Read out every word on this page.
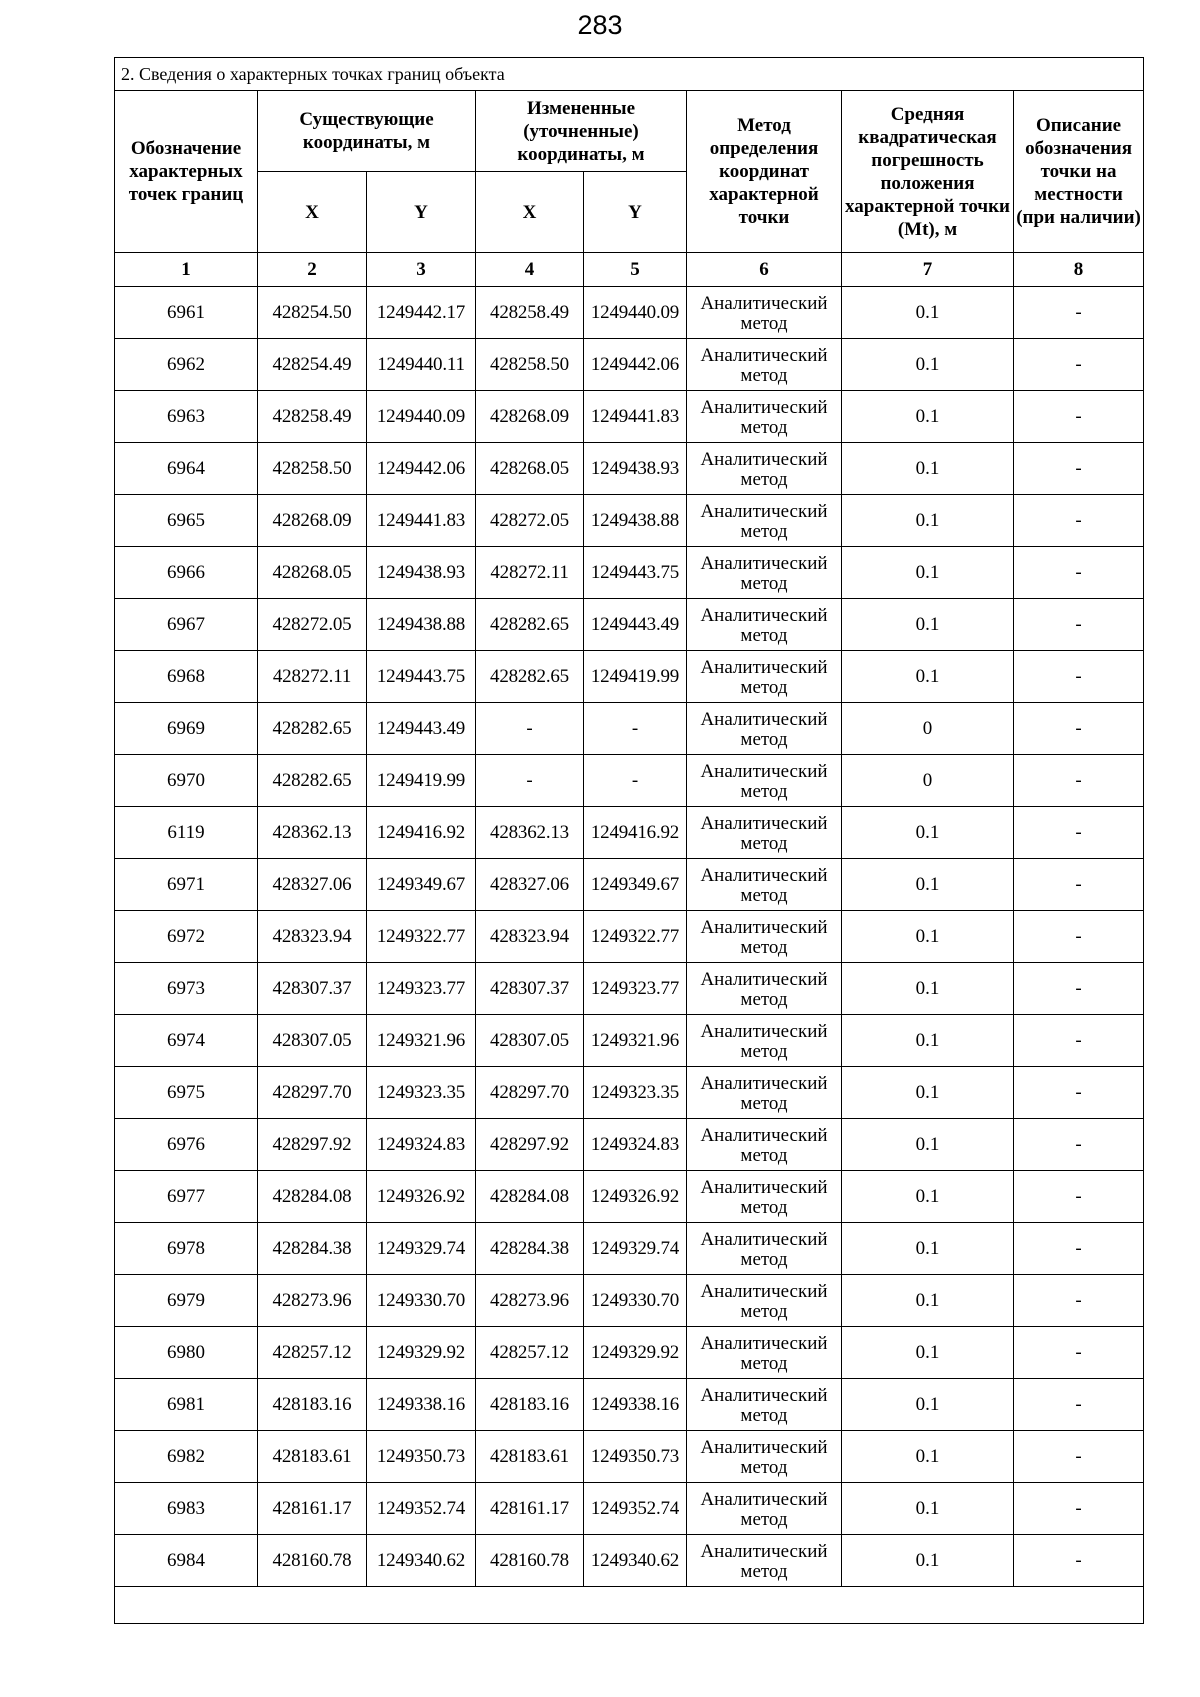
283
2. Сведения о характерных точках границ объекта							
Обозначение характерных точек границ	Существующие координаты, м		Измененные (уточненные) координаты, м		Метод определения координат характерной точки	Средняя квадратическая погрешность положения характерной точки (Mt), м	Описание обозначения точки на местности (при наличии)
	X	Y	X	Y			
1	2	3	4	5	6	7	8
6961	428254.50	1249442.17	428258.49	1249440.09	Аналитический метод	0.1	-
6962	428254.49	1249440.11	428258.50	1249442.06	Аналитический метод	0.1	-
6963	428258.49	1249440.09	428268.09	1249441.83	Аналитический метод	0.1	-
6964	428258.50	1249442.06	428268.05	1249438.93	Аналитический метод	0.1	-
6965	428268.09	1249441.83	428272.05	1249438.88	Аналитический метод	0.1	-
6966	428268.05	1249438.93	428272.11	1249443.75	Аналитический метод	0.1	-
6967	428272.05	1249438.88	428282.65	1249443.49	Аналитический метод	0.1	-
6968	428272.11	1249443.75	428282.65	1249419.99	Аналитический метод	0.1	-
6969	428282.65	1249443.49	-	-	Аналитический метод	0	-
6970	428282.65	1249419.99	-	-	Аналитический метод	0	-
6119	428362.13	1249416.92	428362.13	1249416.92	Аналитический метод	0.1	-
6971	428327.06	1249349.67	428327.06	1249349.67	Аналитический метод	0.1	-
6972	428323.94	1249322.77	428323.94	1249322.77	Аналитический метод	0.1	-
6973	428307.37	1249323.77	428307.37	1249323.77	Аналитический метод	0.1	-
6974	428307.05	1249321.96	428307.05	1249321.96	Аналитический метод	0.1	-
6975	428297.70	1249323.35	428297.70	1249323.35	Аналитический метод	0.1	-
6976	428297.92	1249324.83	428297.92	1249324.83	Аналитический метод	0.1	-
6977	428284.08	1249326.92	428284.08	1249326.92	Аналитический метод	0.1	-
6978	428284.38	1249329.74	428284.38	1249329.74	Аналитический метод	0.1	-
6979	428273.96	1249330.70	428273.96	1249330.70	Аналитический метод	0.1	-
6980	428257.12	1249329.92	428257.12	1249329.92	Аналитический метод	0.1	-
6981	428183.16	1249338.16	428183.16	1249338.16	Аналитический метод	0.1	-
6982	428183.61	1249350.73	428183.61	1249350.73	Аналитический метод	0.1	-
6983	428161.17	1249352.74	428161.17	1249352.74	Аналитический метод	0.1	-
6984	428160.78	1249340.62	428160.78	1249340.62	Аналитический метод	0.1	-
